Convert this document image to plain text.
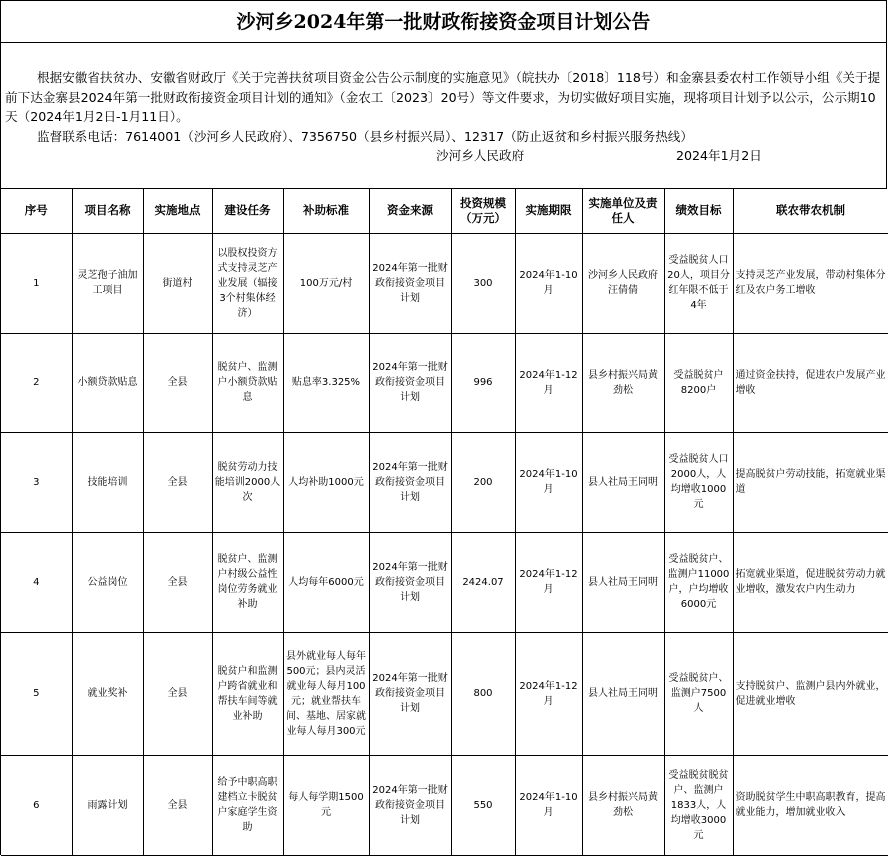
沙河乡2024年第一批财政衔接资金项目计划公告

根据安徽省扶贫办、安徽省财政厅《关于完善扶贫项目资金公告公示制度的实施意见》（皖扶办〔2018〕118号）和金寨县委农村工作领导小组《关于提前下达金寨县2024年第一批财政衔接资金项目计划的通知》（金农工〔2023〕20号）等文件要求，为切实做好项目实施，现将项目计划予以公示，公示期10天（2024年1月2日-1月11日）。

监督联系电话：7614001（沙河乡人民政府）、7356750（县乡村振兴局）、12317（防止返贫和乡村振兴服务热线）

沙河乡人民政府	2024年1月2日
序号	项目名称	实施地点	建设任务	补助标准	资金来源	投资规模（万元）	实施期限	实施单位及责任人	绩效目标	联农带农机制
1	灵芝孢子油加工项目	街道村	以股权投资方式支持灵芝产业发展（辐接3个村集体经济）	100万元/村	2024年第一批财政衔接资金项目计划	300	2024年1-10月	沙河乡人民政府汪倩倩	受益脱贫人口20人，项目分红年限不低于4年	支持灵芝产业发展，带动村集体分红及农户务工增收
2	小额贷款贴息	全县	脱贫户、监测户小额贷款贴息	贴息率3.325%	2024年第一批财政衔接资金项目计划	996	2024年1-12月	县乡村振兴局黄劲松	受益脱贫户8200户	通过资金扶持，促进农户发展产业增收
3	技能培训	全县	脱贫劳动力技能培训2000人次	人均补助1000元	2024年第一批财政衔接资金项目计划	200	2024年1-10月	县人社局王同明	受益脱贫人口2000人，人均增收1000元	提高脱贫户劳动技能，拓宽就业渠道
4	公益岗位	全县	脱贫户、监测户村级公益性岗位劳务就业补助	人均每年6000元	2024年第一批财政衔接资金项目计划	2424.07	2024年1-12月	县人社局王同明	受益脱贫户、监测户11000户，户均增收6000元	拓宽就业渠道，促进脱贫劳动力就业增收，激发农户内生动力
5	就业奖补	全县	脱贫户和监测户跨省就业和帮扶车间等就业补助	县外就业每人每年500元；县内灵活就业每人每月100元；就业帮扶车间、基地、居家就业每人每月300元	2024年第一批财政衔接资金项目计划	800	2024年1-12月	县人社局王同明	受益脱贫户、监测户7500人	支持脱贫户、监测户县内外就业，促进就业增收
6	雨露计划	全县	给予中职高职建档立卡脱贫户家庭学生资助	每人每学期1500元	2024年第一批财政衔接资金项目计划	550	2024年1-10月	县乡村振兴局黄劲松	受益脱贫脱贫户、监测户1833人，人均增收3000元	资助脱贫学生中职高职教育，提高就业能力，增加就业收入
